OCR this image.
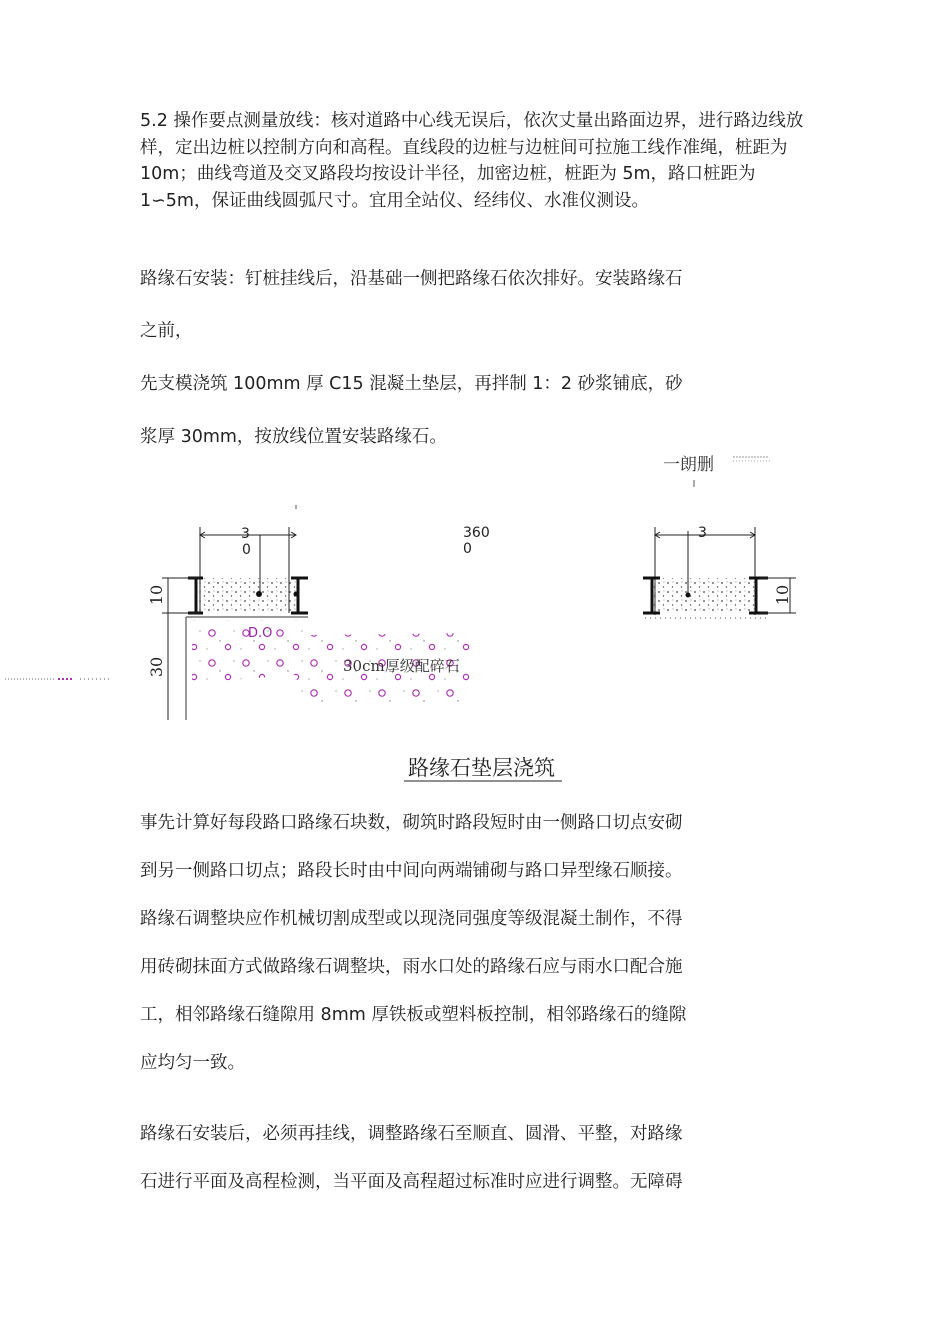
5.2 操作要点测量放线：核对道路中心线无误后，依次丈量出路面边界，进行路边线放样，定出边桩以控制方向和高程。直线段的边桩与边桩间可拉施工线作准绳，桩距为 10m；曲线弯道及交叉路段均按设计半径，加密边桩，桩距为 5m，路口桩距为 1∽5m，保证曲线圆弧尺寸。宜用全站仪、经纬仪、水准仪测设。

路缘石安装：钉桩挂线后，沿基础一侧把路缘石依次排好。安装路缘石

之前，

先支模浇筑 100mm 厚 C15 混凝土垫层，再拌制 1：2 砂浆铺底，砂

浆厚 30mm，按放线位置安装路缘石。

一朗删
3
0
10
30
D.O
30cm厚级配碎石
360
0
3
10
路缘石垫层浇筑

事先计算好每段路口路缘石块数，砌筑时路段短时由一侧路口切点安砌

到另一侧路口切点；路段长时由中间向两端铺砌与路口异型缘石顺接。

路缘石调整块应作机械切割成型或以现浇同强度等级混凝土制作，不得

用砖砌抹面方式做路缘石调整块，雨水口处的路缘石应与雨水口配合施

工，相邻路缘石缝隙用 8mm 厚铁板或塑料板控制，相邻路缘石的缝隙

应均匀一致。

路缘石安装后，必须再挂线，调整路缘石至顺直、圆滑、平整，对路缘

石进行平面及高程检测，当平面及高程超过标准时应进行调整。无障碍
